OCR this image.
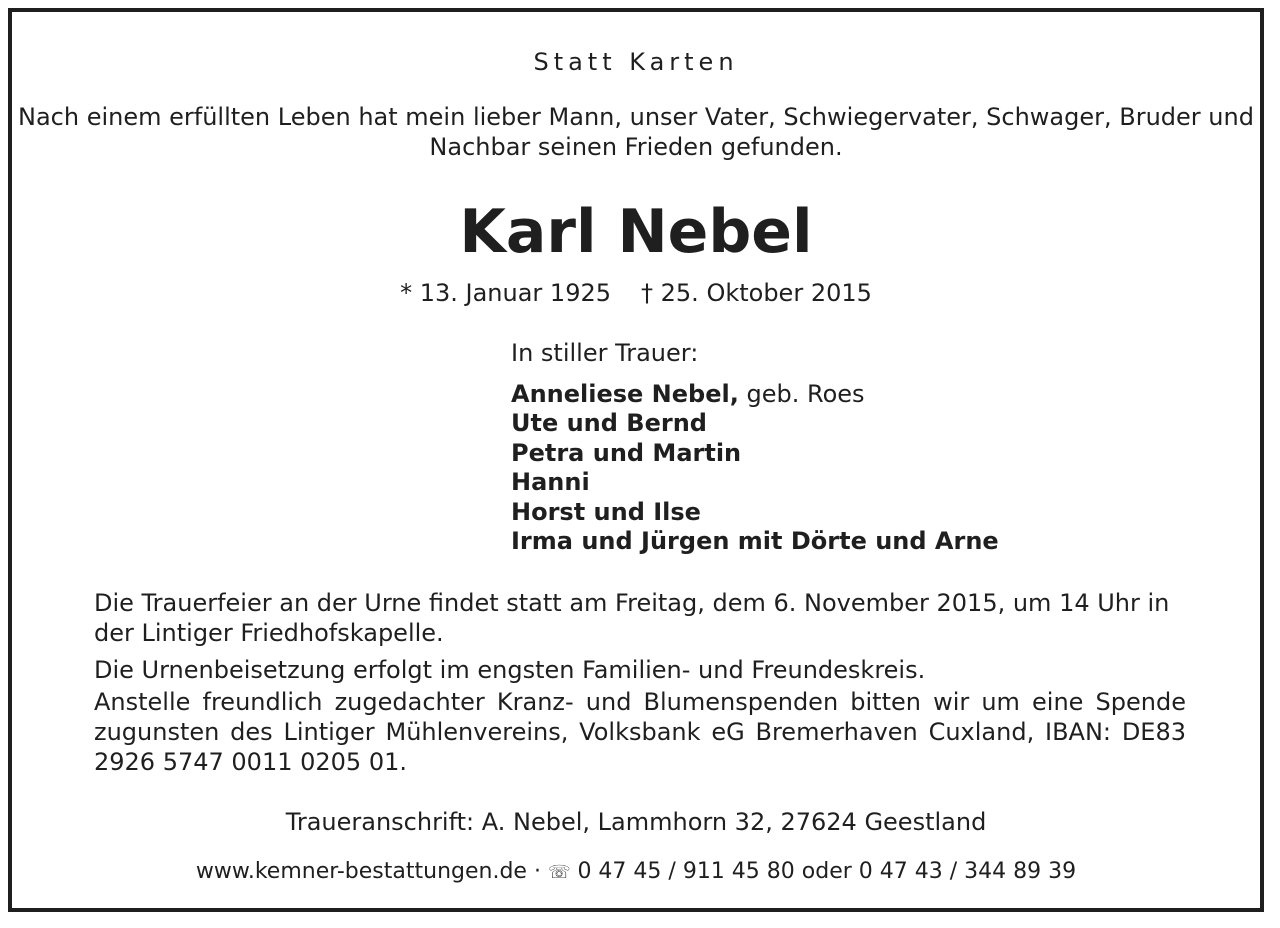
Statt Karten
Nach einem erfüllten Leben hat mein lieber Mann, unser Vater, Schwiegervater, Schwager, Bruder und Nachbar seinen Frieden gefunden.
Karl Nebel
* 13. Januar 1925 † 25. Oktober 2015
In stiller Trauer:
Anneliese Nebel, geb. Roes
Ute und Bernd
Petra und Martin
Hanni
Horst und Ilse
Irma und Jürgen mit Dörte und Arne
Die Trauerfeier an der Urne findet statt am Freitag, dem 6. November 2015, um 14 Uhr in der Lintiger Friedhofskapelle.
Die Urnenbeisetzung erfolgt im engsten Familien- und Freundeskreis.
Anstelle freundlich zugedachter Kranz- und Blumenspenden bitten wir um eine Spende zugunsten des Lintiger Mühlenvereins, Volksbank eG Bremerhaven Cuxland, IBAN: DE83 2926 5747 0011 0205 01.
Traueranschrift: A. Nebel, Lammhorn 32, 27624 Geestland
www.kemner-bestattungen.de · ☏ 0 47 45 / 911 45 80 oder 0 47 43 / 344 89 39
